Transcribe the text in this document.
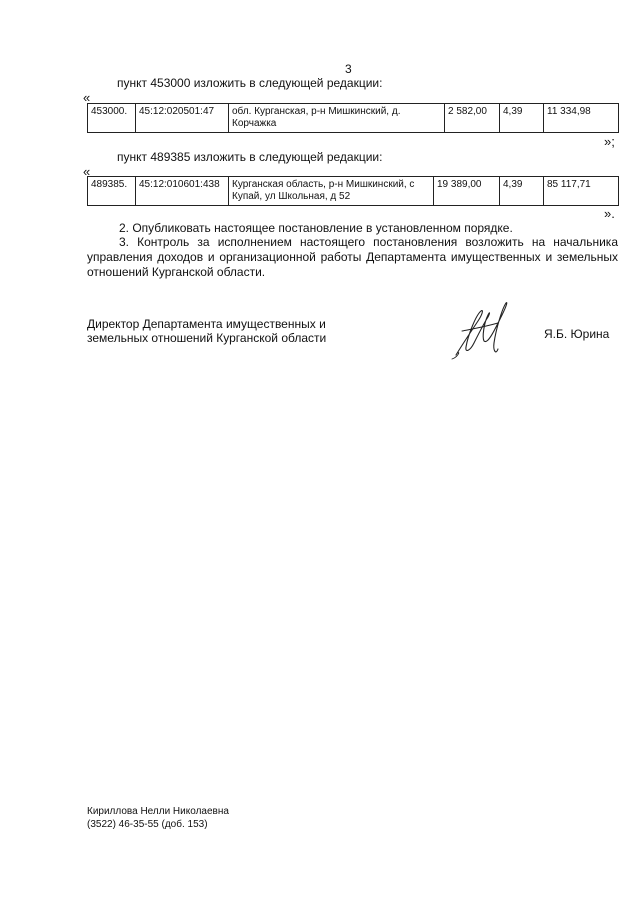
3
пункт 453000 изложить в следующей редакции:
«
453000.	45:12:020501:47	обл. Курганская, р-н Мишкинский, д. Корчажка	2 582,00	4,39	11 334,98
»;
пункт 489385 изложить в следующей редакции:
«
489385.	45:12:010601:438	Курганская область, р-н Мишкинский, с Купай, ул Школьная, д 52	19 389,00	4,39	85 117,71
».
2. Опубликовать настоящее постановление в установленном порядке.
3. Контроль за исполнением настоящего постановления возложить на начальника управления доходов и организационной работы Департамента имущественных и земельных отношений Курганской области.
Директор Департамента имущественных и
земельных отношений Курганской области	Я.Б. Юрина
Кириллова Нелли Николаевна
(3522) 46-35-55 (доб. 153)
